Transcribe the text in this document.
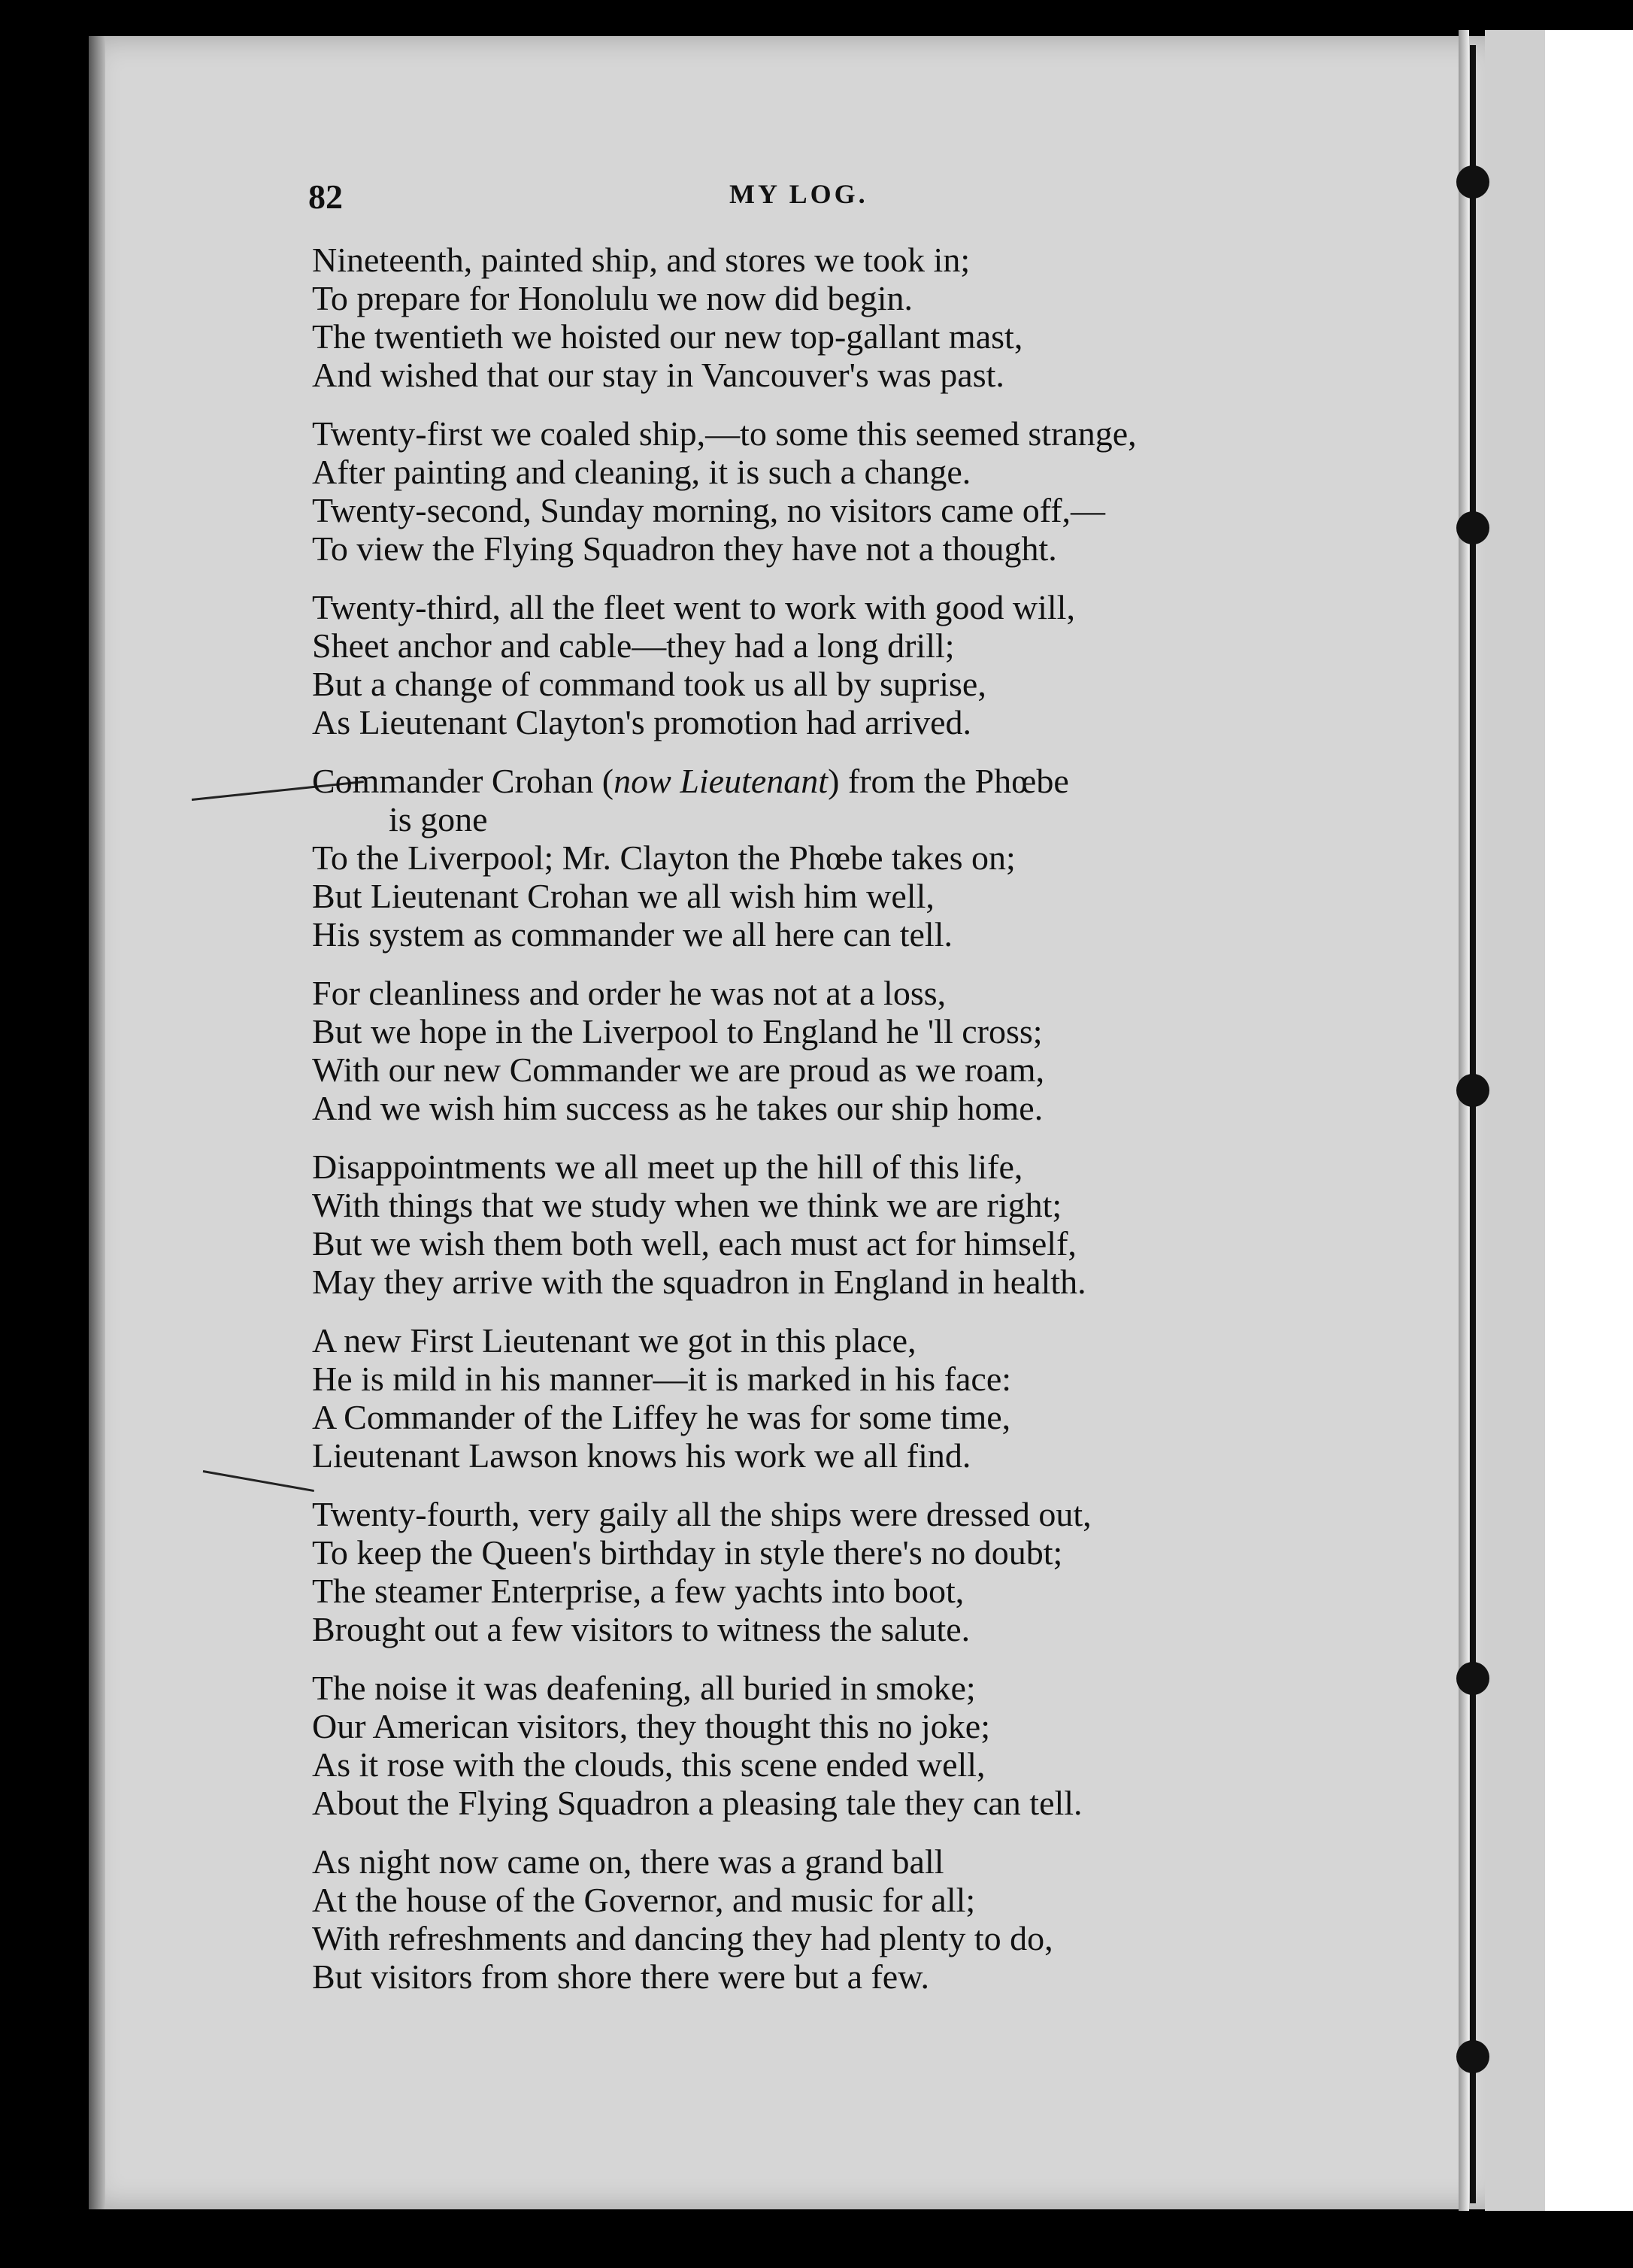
82	MY LOG.
Nineteenth, painted ship, and stores we took in;
To prepare for Honolulu we now did begin.
The twentieth we hoisted our new top-gallant mast,
And wished that our stay in Vancouver's was past.
Twenty-first we coaled ship,—to some this seemed strange,
After painting and cleaning, it is such a change.
Twenty-second, Sunday morning, no visitors came off,—
To view the Flying Squadron they have not a thought.
Twenty-third, all the fleet went to work with good will,
Sheet anchor and cable—they had a long drill;
But a change of command took us all by suprise,
As Lieutenant Clayton's promotion had arrived.
Commander Crohan (now Lieutenant) from the Phœbe
is gone
To the Liverpool; Mr. Clayton the Phœbe takes on;
But Lieutenant Crohan we all wish him well,
His system as commander we all here can tell.
For cleanliness and order he was not at a loss,
But we hope in the Liverpool to England he 'll cross;
With our new Commander we are proud as we roam,
And we wish him success as he takes our ship home.
Disappointments we all meet up the hill of this life,
With things that we study when we think we are right;
But we wish them both well, each must act for himself,
May they arrive with the squadron in England in health.
A new First Lieutenant we got in this place,
He is mild in his manner—it is marked in his face:
A Commander of the Liffey he was for some time,
Lieutenant Lawson knows his work we all find.
Twenty-fourth, very gaily all the ships were dressed out,
To keep the Queen's birthday in style there's no doubt;
The steamer Enterprise, a few yachts into boot,
Brought out a few visitors to witness the salute.
The noise it was deafening, all buried in smoke;
Our American visitors, they thought this no joke;
As it rose with the clouds, this scene ended well,
About the Flying Squadron a pleasing tale they can tell.
As night now came on, there was a grand ball
At the house of the Governor, and music for all;
With refreshments and dancing they had plenty to do,
But visitors from shore there were but a few.
